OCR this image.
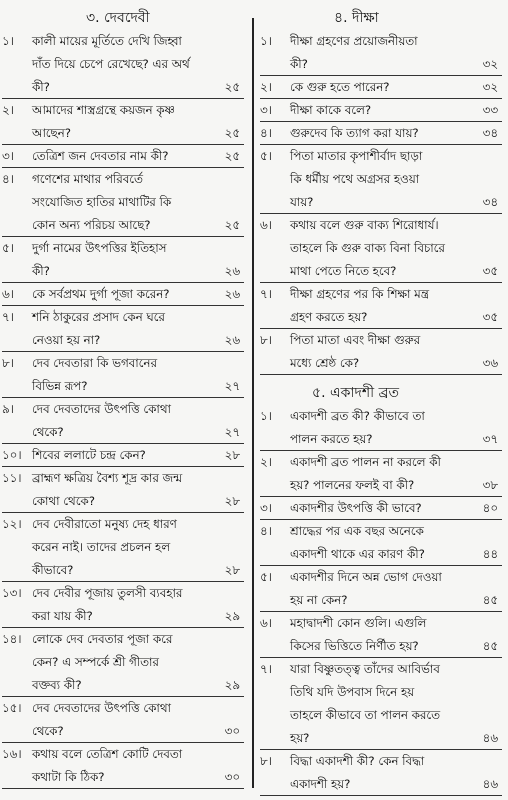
৩. দেবদেবী
১। কালী মায়ের মূর্তিতে দেখি জিহ্বা
দাঁত দিয়ে চেপে রেখেছে? এর অর্থ
কী?	২৫
২। আমাদের শাস্ত্রগ্রন্থে কয়জন কৃষ্ণ
আছেন?	২৫
৩। তেত্রিশ জন দেবতার নাম কী?	২৫
৪। গণেশের মাথার পরিবর্তে
সংযোজিত হাতির মাথাটির কি
কোন অন্য পরিচয় আছে?	২৫
৫। দুর্গা নামের উৎপত্তির ইতিহাস
কী?	২৬
৬। কে সর্বপ্রথম দুর্গা পূজা করেন?	২৬
৭। শনি ঠাকুরের প্রসাদ কেন ঘরে
নেওয়া হয় না?	২৬
৮। দেব দেবতারা কি ভগবানের
বিভিন্ন রূপ?	২৭
৯। দেব দেবতাদের উৎপত্তি কোথা
থেকে?	২৭
১০। শিবের ললাটে চন্দ্র কেন?	২৮
১১। ব্রাহ্মণ ক্ষত্রিয় বৈশ্য শূদ্র কার জন্ম
কোথা থেকে?	২৮
১২। দেব দেবীরাতো মনুষ্য দেহ ধারণ
করেন নাই। তাদের প্রচলন হল
কীভাবে?	২৮
১৩। দেব দেবীর পূজায় তুলসী ব্যবহার
করা যায় কী?	২৯
১৪। লোকে দেব দেবতার পূজা করে
কেন? এ সম্পর্কে শ্রী গীতার
বক্তব্য কী?	২৯
১৫। দেব দেবতাদের উৎপত্তি কোথা
থেকে?	৩০
১৬। কথায় বলে তেত্রিশ কোটি দেবতা
কথাটা কি ঠিক?	৩০
৪. দীক্ষা
১। দীক্ষা গ্রহণের প্রয়োজনীয়তা
কী?	৩২
২। কে গুরু হতে পারেন?	৩২
৩। দীক্ষা কাকে বলে?	৩৩
৪। গুরুদেব কি ত্যাগ করা যায়?	৩৪
৫। পিতা মাতার কৃপাশীর্বাদ ছাড়া
কি ধর্মীয় পথে অগ্রসর হওয়া
যায়?	৩৪
৬। কথায় বলে গুরু বাক্য শিরোধার্য।
তাহলে কি গুরু বাক্য বিনা বিচারে
মাথা পেতে নিতে হবে?	৩৫
৭। দীক্ষা গ্রহণের পর কি শিক্ষা মন্ত্র
গ্রহণ করতে হয়?	৩৫
৮। পিতা মাতা এবং দীক্ষা গুরুর
মধ্যে শ্রেষ্ঠ কে?	৩৬
৫. একাদশী ব্রত
১। একাদশী ব্রত কী? কীভাবে তা
পালন করতে হয়?	৩৭
২। একাদশী ব্রত পালন না করলে কী
হয়? পালনের ফলই বা কী?	৩৮
৩। একাদশীর উৎপত্তি কী ভাবে?	৪০
৪। শ্রাদ্ধের পর এক বছর অনেকে
একাদশী থাকে এর কারণ কী?	৪৪
৫। একাদশীর দিনে অন্ন ভোগ দেওয়া
হয় না কেন?	৪৫
৬। মহাদ্বাদশী কোন গুলি। এগুলি
কিসের ভিত্তিতে নির্ণীত হয়?	৪৫
৭। যারা বিষ্ণুতত্ত্ব তাঁদের আবির্ভাব
তিথি যদি উপবাস দিনে হয়
তাহলে কীভাবে তা পালন করতে
হয়?	৪৬
৮। বিদ্ধা একাদশী কী? কেন বিদ্ধা
একাদশী হয়?	৪৬
